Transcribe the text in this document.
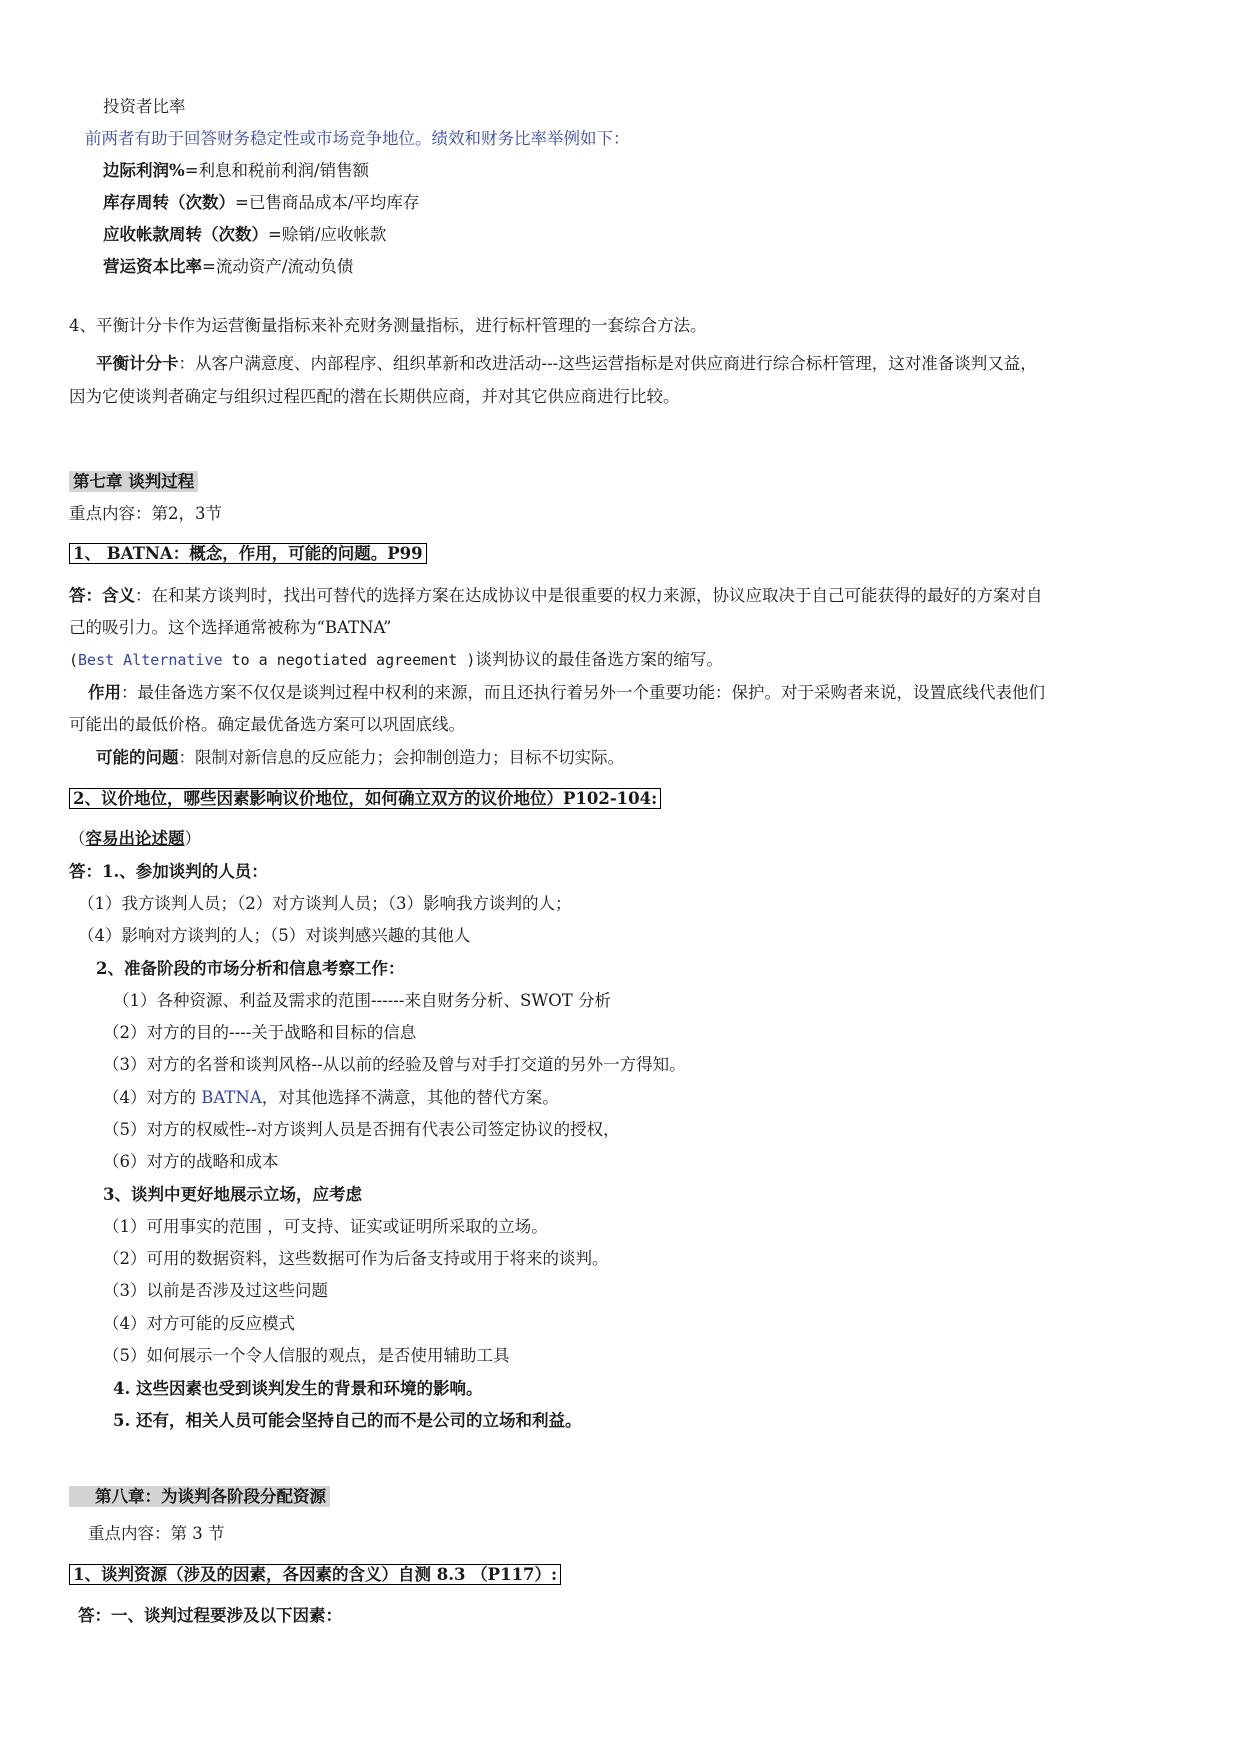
投资者比率
前两者有助于回答财务稳定性或市场竞争地位。绩效和财务比率举例如下：
边际利润%=利息和税前利润/销售额
库存周转（次数）=已售商品成本/平均库存
应收帐款周转（次数）=赊销/应收帐款
营运资本比率=流动资产/流动负债
4、平衡计分卡作为运营衡量指标来补充财务测量指标，进行标杆管理的一套综合方法。
平衡计分卡：从客户满意度、内部程序、组织革新和改进活动---这些运营指标是对供应商进行综合标杆管理，这对准备谈判又益，
因为它使谈判者确定与组织过程匹配的潜在长期供应商，并对其它供应商进行比较。
第七章 谈判过程
重点内容：第2，3节
1、 BATNA：概念，作用，可能的问题。P99
答：含义：在和某方谈判时，找出可替代的选择方案在达成协议中是很重要的权力来源，协议应取决于自己可能获得的最好的方案对自
己的吸引力。这个选择通常被称为“BATNA”
(Best Alternative to a negotiated agreement )谈判协议的最佳备选方案的缩写。
作用：最佳备选方案不仅仅是谈判过程中权利的来源，而且还执行着另外一个重要功能：保护。对于采购者来说，设置底线代表他们
可能出的最低价格。确定最优备选方案可以巩固底线。
可能的问题：限制对新信息的反应能力；会抑制创造力；目标不切实际。
2、议价地位，哪些因素影响议价地位，如何确立双方的议价地位）P102-104:
（容易出论述题）
答：1.、参加谈判的人员：
（1）我方谈判人员；（2）对方谈判人员；（3）影响我方谈判的人；
（4）影响对方谈判的人；（5）对谈判感兴趣的其他人
2、准备阶段的市场分析和信息考察工作：
（1）各种资源、利益及需求的范围------来自财务分析、SWOT 分析
（2）对方的目的----关于战略和目标的信息
（3）对方的名誉和谈判风格--从以前的经验及曾与对手打交道的另外一方得知。
（4）对方的 BATNA，对其他选择不满意，其他的替代方案。
（5）对方的权威性--对方谈判人员是否拥有代表公司签定协议的授权，
（6）对方的战略和成本
3、谈判中更好地展示立场，应考虑
（1）可用事实的范围 ，可支持、证实或证明所采取的立场。
（2）可用的数据资料，这些数据可作为后备支持或用于将来的谈判。
（3）以前是否涉及过这些问题
（4）对方可能的反应模式
（5）如何展示一个令人信服的观点，是否使用辅助工具
4. 这些因素也受到谈判发生的背景和环境的影响。
5. 还有，相关人员可能会坚持自己的而不是公司的立场和利益。
第八章：为谈判各阶段分配资源
重点内容：第 3 节
1、谈判资源（涉及的因素，各因素的含义）自测 8.3 （P117）:
答：一、谈判过程要涉及以下因素：
